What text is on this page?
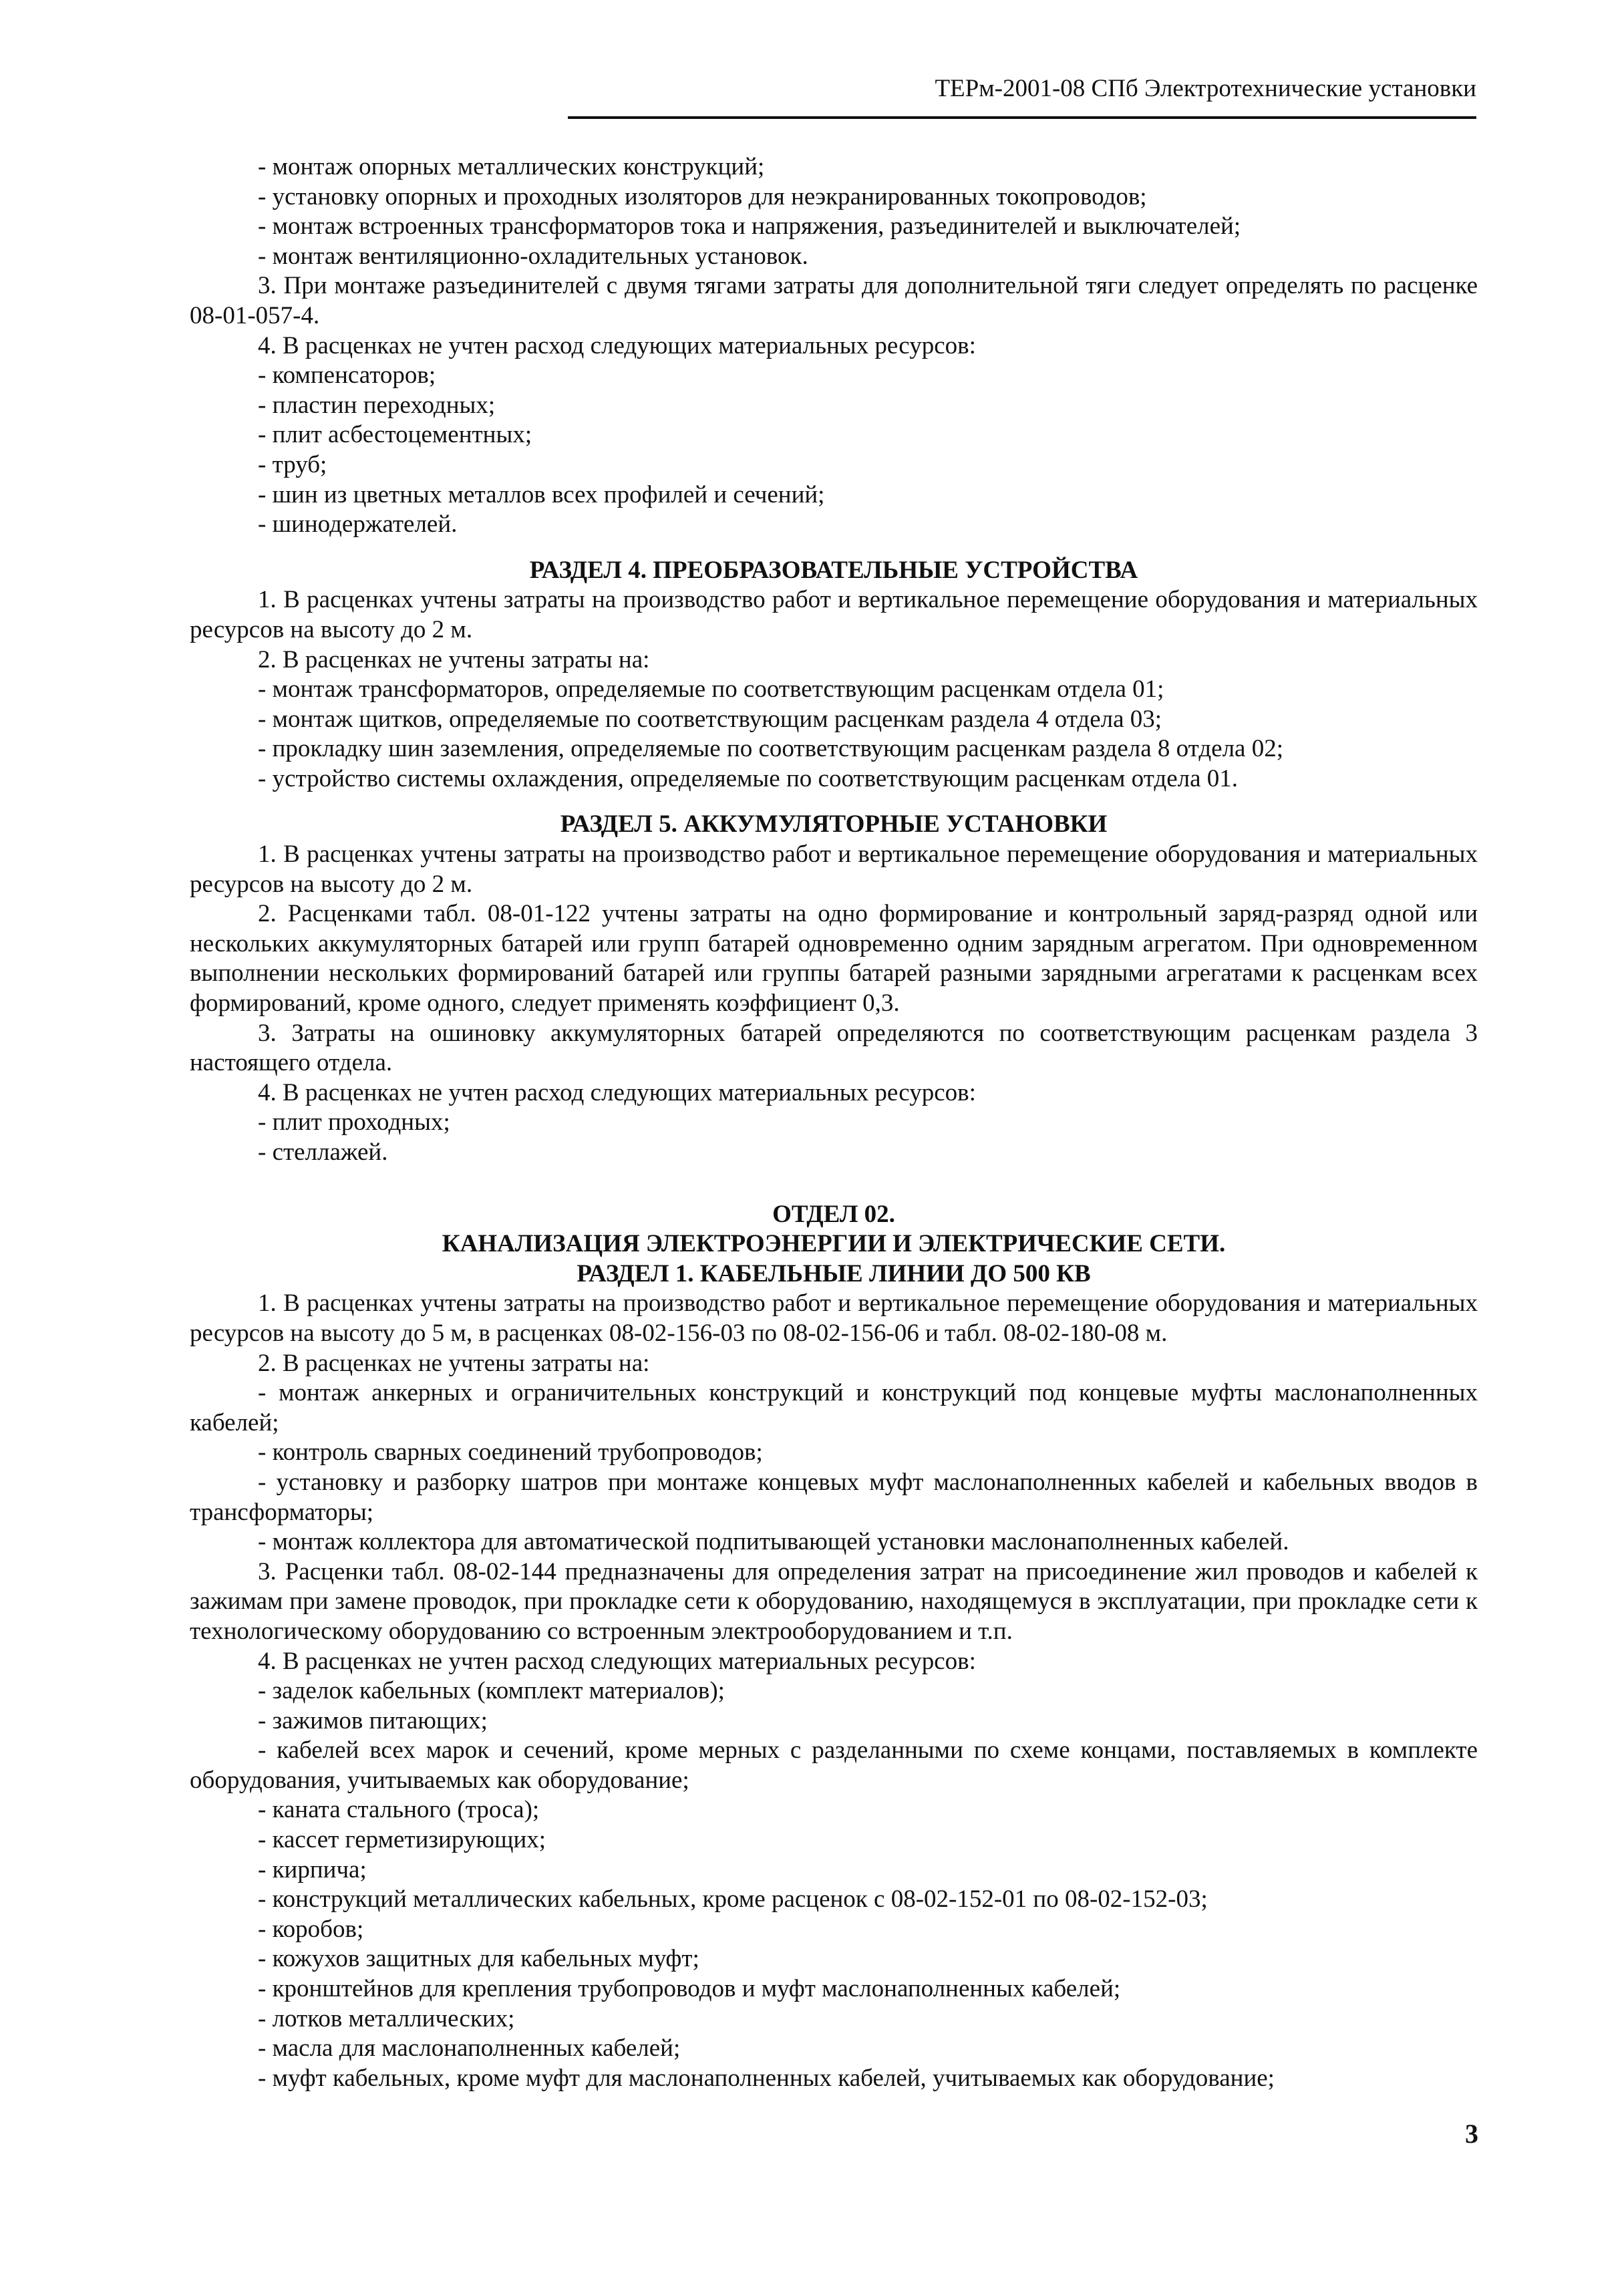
ТЕРм-2001-08 СПб Электротехнические установки

- монтаж опорных металлических конструкций;

- установку опорных и проходных изоляторов для неэкранированных токопроводов;

- монтаж встроенных трансформаторов тока и напряжения, разъединителей и выключателей;

- монтаж вентиляционно-охладительных установок.

3. При монтаже разъединителей с двумя тягами затраты для дополнительной тяги следует определять по расценке 08-01-057-4.

4. В расценках не учтен расход следующих материальных ресурсов:

- компенсаторов;

- пластин переходных;

- плит асбестоцементных;

- труб;

- шин из цветных металлов всех профилей и сечений;

- шинодержателей.

РАЗДЕЛ 4. ПРЕОБРАЗОВАТЕЛЬНЫЕ УСТРОЙСТВА

1. В расценках учтены затраты на производство работ и вертикальное перемещение оборудования и материальных ресурсов на высоту до 2 м.

2. В расценках не учтены затраты на:

- монтаж трансформаторов, определяемые по соответствующим расценкам отдела 01;

- монтаж щитков, определяемые по соответствующим расценкам раздела 4 отдела 03;

- прокладку шин заземления, определяемые по соответствующим расценкам раздела 8 отдела 02;

- устройство системы охлаждения, определяемые по соответствующим расценкам отдела 01.

РАЗДЕЛ 5. АККУМУЛЯТОРНЫЕ УСТАНОВКИ

1. В расценках учтены затраты на производство работ и вертикальное перемещение оборудования и материальных ресурсов на высоту до 2 м.

2. Расценками табл. 08-01-122 учтены затраты на одно формирование и контрольный заряд-разряд одной или нескольких аккумуляторных батарей или групп батарей одновременно одним зарядным агрегатом. При одновременном выполнении нескольких формирований батарей или группы батарей разными зарядными агрегатами к расценкам всех формирований, кроме одного, следует применять коэффициент 0,3.

3. Затраты на ошиновку аккумуляторных батарей определяются по соответствующим расценкам раздела 3 настоящего отдела.

4. В расценках не учтен расход следующих материальных ресурсов:

- плит проходных;

- стеллажей.

ОТДЕЛ 02.

КАНАЛИЗАЦИЯ ЭЛЕКТРОЭНЕРГИИ И ЭЛЕКТРИЧЕСКИЕ СЕТИ.

РАЗДЕЛ 1. КАБЕЛЬНЫЕ ЛИНИИ ДО 500 КВ

1. В расценках учтены затраты на производство работ и вертикальное перемещение оборудования и материальных ресурсов на высоту до 5 м, в расценках 08-02-156-03 по 08-02-156-06 и табл. 08-02-180-08 м.

2. В расценках не учтены затраты на:

- монтаж анкерных и ограничительных конструкций и конструкций под концевые муфты маслонаполненных кабелей;

- контроль сварных соединений трубопроводов;

- установку и разборку шатров при монтаже концевых муфт маслонаполненных кабелей и кабельных вводов в трансформаторы;

- монтаж коллектора для автоматической подпитывающей установки маслонаполненных кабелей.

3. Расценки табл. 08-02-144 предназначены для определения затрат на присоединение жил проводов и кабелей к зажимам при замене проводок, при прокладке сети к оборудованию, находящемуся в эксплуатации, при прокладке сети к технологическому оборудованию со встроенным электрооборудованием и т.п.

4. В расценках не учтен расход следующих материальных ресурсов:

- заделок кабельных (комплект материалов);

- зажимов питающих;

- кабелей всех марок и сечений, кроме мерных с разделанными по схеме концами, поставляемых в комплекте оборудования, учитываемых как оборудование;

- каната стального (троса);

- кассет герметизирующих;

- кирпича;

- конструкций металлических кабельных, кроме расценок с 08-02-152-01 по 08-02-152-03;

- коробов;

- кожухов защитных для кабельных муфт;

- кронштейнов для крепления трубопроводов и муфт маслонаполненных кабелей;

- лотков металлических;

- масла для маслонаполненных кабелей;

- муфт кабельных, кроме муфт для маслонаполненных кабелей, учитываемых как оборудование;

3
